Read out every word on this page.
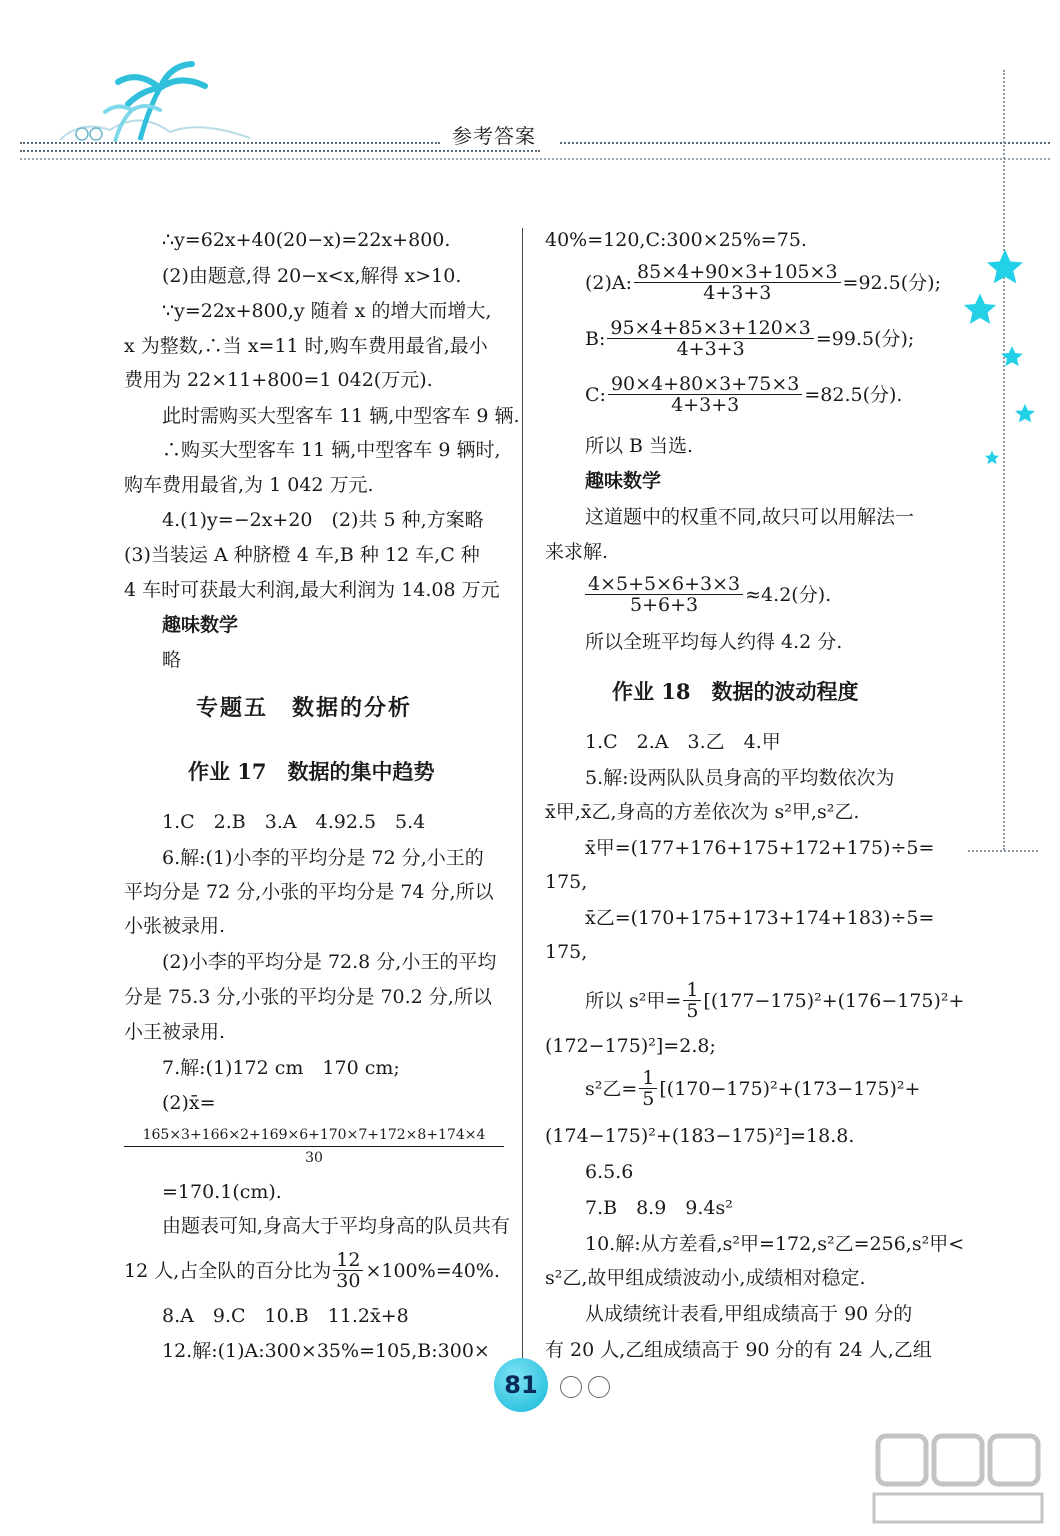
参考答案
∴y=62x+40(20−x)=22x+800.
(2)由题意,得 20−x<x,解得 x>10.
∵y=22x+800,y 随着 x 的增大而增大,
x 为整数,∴当 x=11 时,购车费用最省,最小
费用为 22×11+800=1 042(万元).
此时需购买大型客车 11 辆,中型客车 9 辆.
∴购买大型客车 11 辆,中型客车 9 辆时,
购车费用最省,为 1 042 万元.
4.(1)y=−2x+20　(2)共 5 种,方案略
(3)当装运 A 种脐橙 4 车,B 种 12 车,C 种
4 车时可获最大利润,最大利润为 14.08 万元
趣味数学
略
专题五　数据的分析
作业 17　数据的集中趋势
1.C　2.B　3.A　4.92.5　5.4
6.解:(1)小李的平均分是 72 分,小王的
平均分是 72 分,小张的平均分是 74 分,所以
小张被录用.
(2)小李的平均分是 72.8 分,小王的平均
分是 75.3 分,小张的平均分是 70.2 分,所以
小王被录用.
7.解:(1)172 cm　170 cm;
(2)x̄=
165×3+166×2+169×6+170×7+172×8+174×4
30
=170.1(cm).
由题表可知,身高大于平均身高的队员共有
12 人,占全队的百分比为 $\frac{12}{30} \times 100\%=40\%$.
8.A　9.C　10.B　11.2x̄+8
12.解:(1)A:300×35%=105,B:300×
40%=120,C:300×25%=75.
(2)A: $\frac{85\times 4+90\times 3+105\times 3}{4+3+3} =92.5$(分);
B: $\frac{95\times 4+85\times 3+120\times 3}{4+3+3} =99.5$(分);
C: $\frac{90\times 4+80\times 3+75\times 3}{4+3+3} =82.5$(分).
所以 B 当选.
趣味数学
这道题中的权重不同,故只可以用解法一
来求解.
$\frac{4\times 5+5\times 6+3\times 3}{5+6+3} \approx 4.2$(分).
所以全班平均每人约得 4.2 分.
作业 18　数据的波动程度
1.C　2.A　3.乙　4.甲
5.解:设两队队员身高的平均数依次为
x̄甲,x̄乙,身高的方差依次为 s²甲,s²乙.
x̄甲=(177+176+175+172+175)÷5=
175,
x̄乙=(170+175+173+174+183)÷5=
175,
所以 s²甲= $\frac{1}{5} [(177-175)^2+(176-175)^2+$
(172−175)²]=2.8;
s²乙= $\frac{1}{5} [(170-175)^2+(173-175)^2+$
(174−175)²+(183−175)²]=18.8.
6.5.6
7.B　8.9　9.4s²
10.解:从方差看,s²甲=172,s²乙=256,s²甲<
s²乙,故甲组成绩波动小,成绩相对稳定.
从成绩统计表看,甲组成绩高于 90 分的
有 20 人,乙组成绩高于 90 分的有 24 人,乙组
81
